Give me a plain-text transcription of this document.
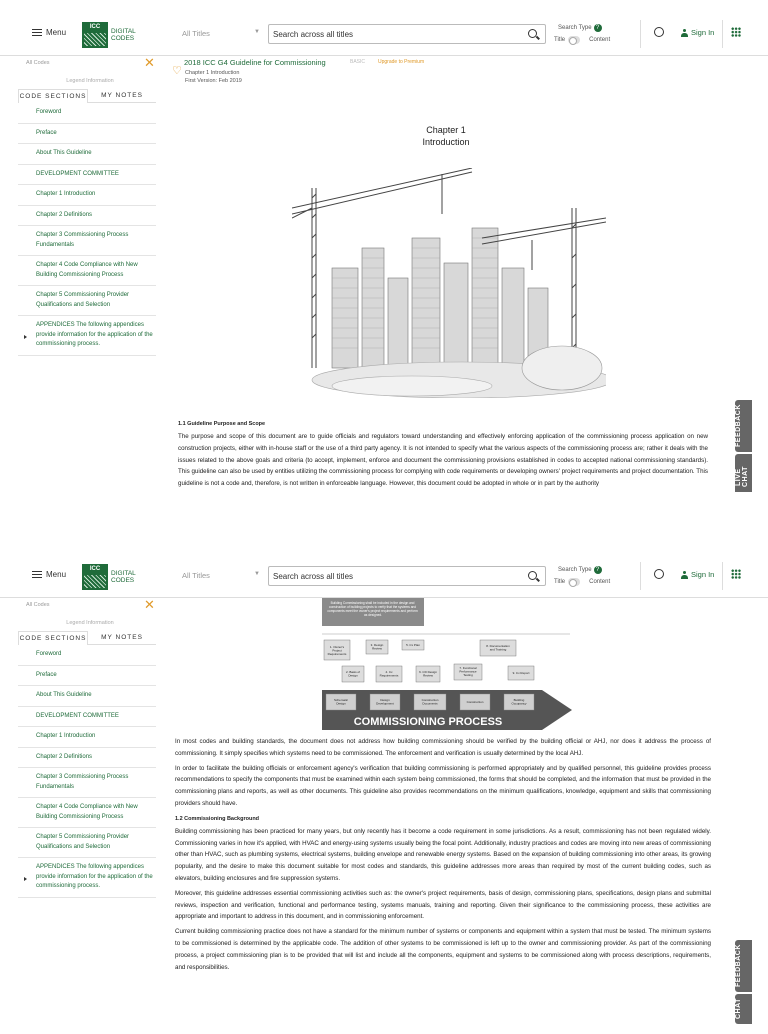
Menu
ICC
DIGITAL
CODES
All Titles	▼	Search across all titles
Search Type ?
Title	Content
Sign In
All Codes	✕
Legend Information
CODE SECTIONS	MY NOTES
Foreword
Preface
About This Guideline
DEVELOPMENT COMMITTEE
Chapter 1 Introduction
Chapter 2 Definitions
Chapter 3 Commissioning Process Fundamentals
Chapter 4 Code Compliance with New Building Commissioning Process
Chapter 5 Commissioning Provider Qualifications and Selection
APPENDICES The following appendices provide information for the application of the commissioning process.
♡
2018 ICC G4 Guideline for Commissioning	BASIC	Upgrade to Premium
Chapter 1 Introduction
First Version: Feb 2019
Chapter 1
Introduction
1.1 Guideline Purpose and Scope
The purpose and scope of this document are to guide officials and regulators toward understanding and effectively enforcing application of the commissioning process application on new construction projects, either with in-house staff or the use of a third party agency. It is not intended to specify what the various aspects of the commissioning process are; rather it deals with the issues related to the above goals and criteria (to accept, implement, enforce and document the commissioning provisions established in codes to accepted national commissioning standards). This guideline can also be used by entities utilizing the commissioning process for complying with code requirements or developing owners' project requirements and project documentation. This guideline is not a code and, therefore, is not written in enforceable language. However, this document could be adopted in whole or in part by the authority
FEEDBACK
LIVE CHAT
Menu
ICC
DIGITAL
CODES
All Titles	▼	Search across all titles
Search Type ?
Title	Content
Sign In
All Codes	✕
Legend Information
CODE SECTIONS	MY NOTES
Foreword
Preface
About This Guideline
DEVELOPMENT COMMITTEE
Chapter 1 Introduction
Chapter 2 Definitions
Chapter 3 Commissioning Process Fundamentals
Chapter 4 Code Compliance with New Building Commissioning Process
Chapter 5 Commissioning Provider Qualifications and Selection
APPENDICES The following appendices provide information for the application of the commissioning process.
Building Commissioning shall be included in the design and construction of building projects to verify that the systems and components meet the owner's project requirements and perform as designed.
1. Owner's Project Requirements
3. Design Review
5. Cx Plan	8. Documentation and Training
2. Basis of Design
4. Cx Requirements
6. CD Design Review
7. Functional Performance Testing	9. Cx Report
Schematic Design
Design Development
Construction Documents	Construction	Building Occupancy
COMMISSIONING PROCESS
In most codes and building standards, the document does not address how building commissioning should be verified by the building official or AHJ, nor does it address the process of commissioning. It simply specifies which systems need to be commissioned. The enforcement and verification is usually determined by the local AHJ.
In order to facilitate the building officials or enforcement agency's verification that building commissioning is performed appropriately and by qualified personnel, this guideline provides process recommendations to specify the components that must be examined within each system being commissioned, the forms that should be completed, and the information that must be provided in the commissioning plans and reports, as well as other documents. This guideline also provides recommendations on the minimum qualifications, knowledge, equipment and skills that commissioning providers should have.
1.2 Commissioning Background
Building commissioning has been practiced for many years, but only recently has it become a code requirement in some jurisdictions. As a result, commissioning has not been regulated widely. Commissioning varies in how it's applied, with HVAC and energy-using systems usually being the focal point. Additionally, industry practices and codes are moving into new areas of commissioning other than HVAC, such as plumbing systems, electrical systems, building envelope and renewable energy systems. Based on the expansion of building commissioning into other areas, its growing popularity, and the desire to make this document suitable for most codes and standards, this guideline addresses more areas than required by most of the current building codes, such as elevators, building enclosures and fire suppression systems.
Moreover, this guideline addresses essential commissioning activities such as: the owner's project requirements, basis of design, commissioning plans, specifications, design plans and submittal reviews, inspection and verification, functional and performance testing, systems manuals, training and reporting. Given their significance to the commissioning process, these activities are appropriate and important to address in this document, and in commissioning enforcement.
Current building commissioning practice does not have a standard for the minimum number of systems or components and equipment within a system that must be tested. The minimum systems to be commissioned is determined by the applicable code. The addition of other systems to be commissioned is left up to the owner and commissioning provider. As part of the commissioning process, a project commissioning plan is to be provided that will list and include all the components, equipment and systems to be commissioned along with process descriptions, requirements, and responsibilities.	FEEDBACK
CHAT
